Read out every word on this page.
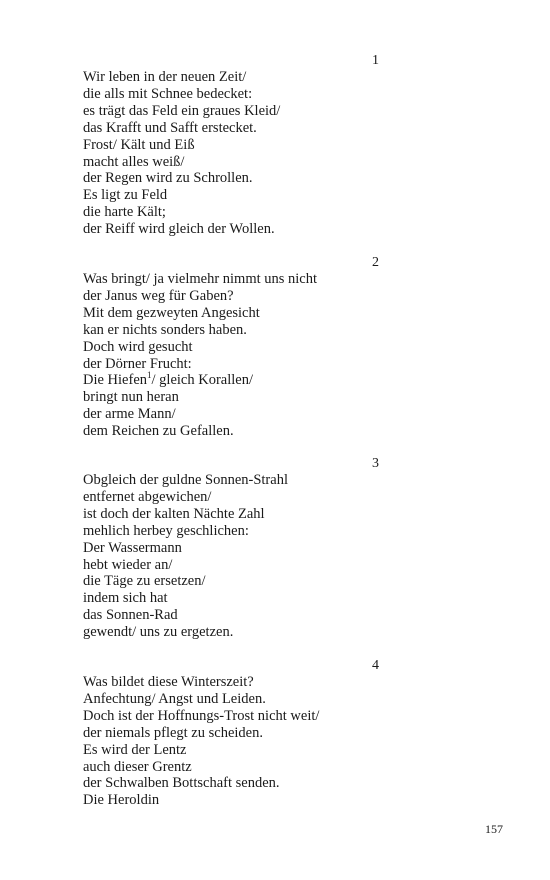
1
Wir leben in der neuen Zeit/
die alls mit Schnee bedecket:
es trägt das Feld ein graues Kleid/
das Krafft und Safft erstecket.
Frost/ Kält und Eiß
macht alles weiß/
der Regen wird zu Schrollen.
Es ligt zu Feld
die harte Kält;
der Reiff wird gleich der Wollen.
2
Was bringt/ ja vielmehr nimmt uns nicht
der Janus weg für Gaben?
Mit dem gezweyten Angesicht
kan er nichts sonders haben.
Doch wird gesucht
der Dörner Frucht:
Die Hiefen$^1$/ gleich Korallen/
bringt nun heran
der arme Mann/
dem Reichen zu Gefallen.
3
Obgleich der guldne Sonnen-Strahl
entfernet abgewichen/
ist doch der kalten Nächte Zahl
mehlich herbey geschlichen:
Der Wassermann
hebt wieder an/
die Täge zu ersetzen/
indem sich hat
das Sonnen-Rad
gewendt/ uns zu ergetzen.
4
Was bildet diese Winterszeit?
Anfechtung/ Angst und Leiden.
Doch ist der Hoffnungs-Trost nicht weit/
der niemals pflegt zu scheiden.
Es wird der Lentz
auch dieser Grentz
der Schwalben Bottschaft senden.
Die Heroldin
157
